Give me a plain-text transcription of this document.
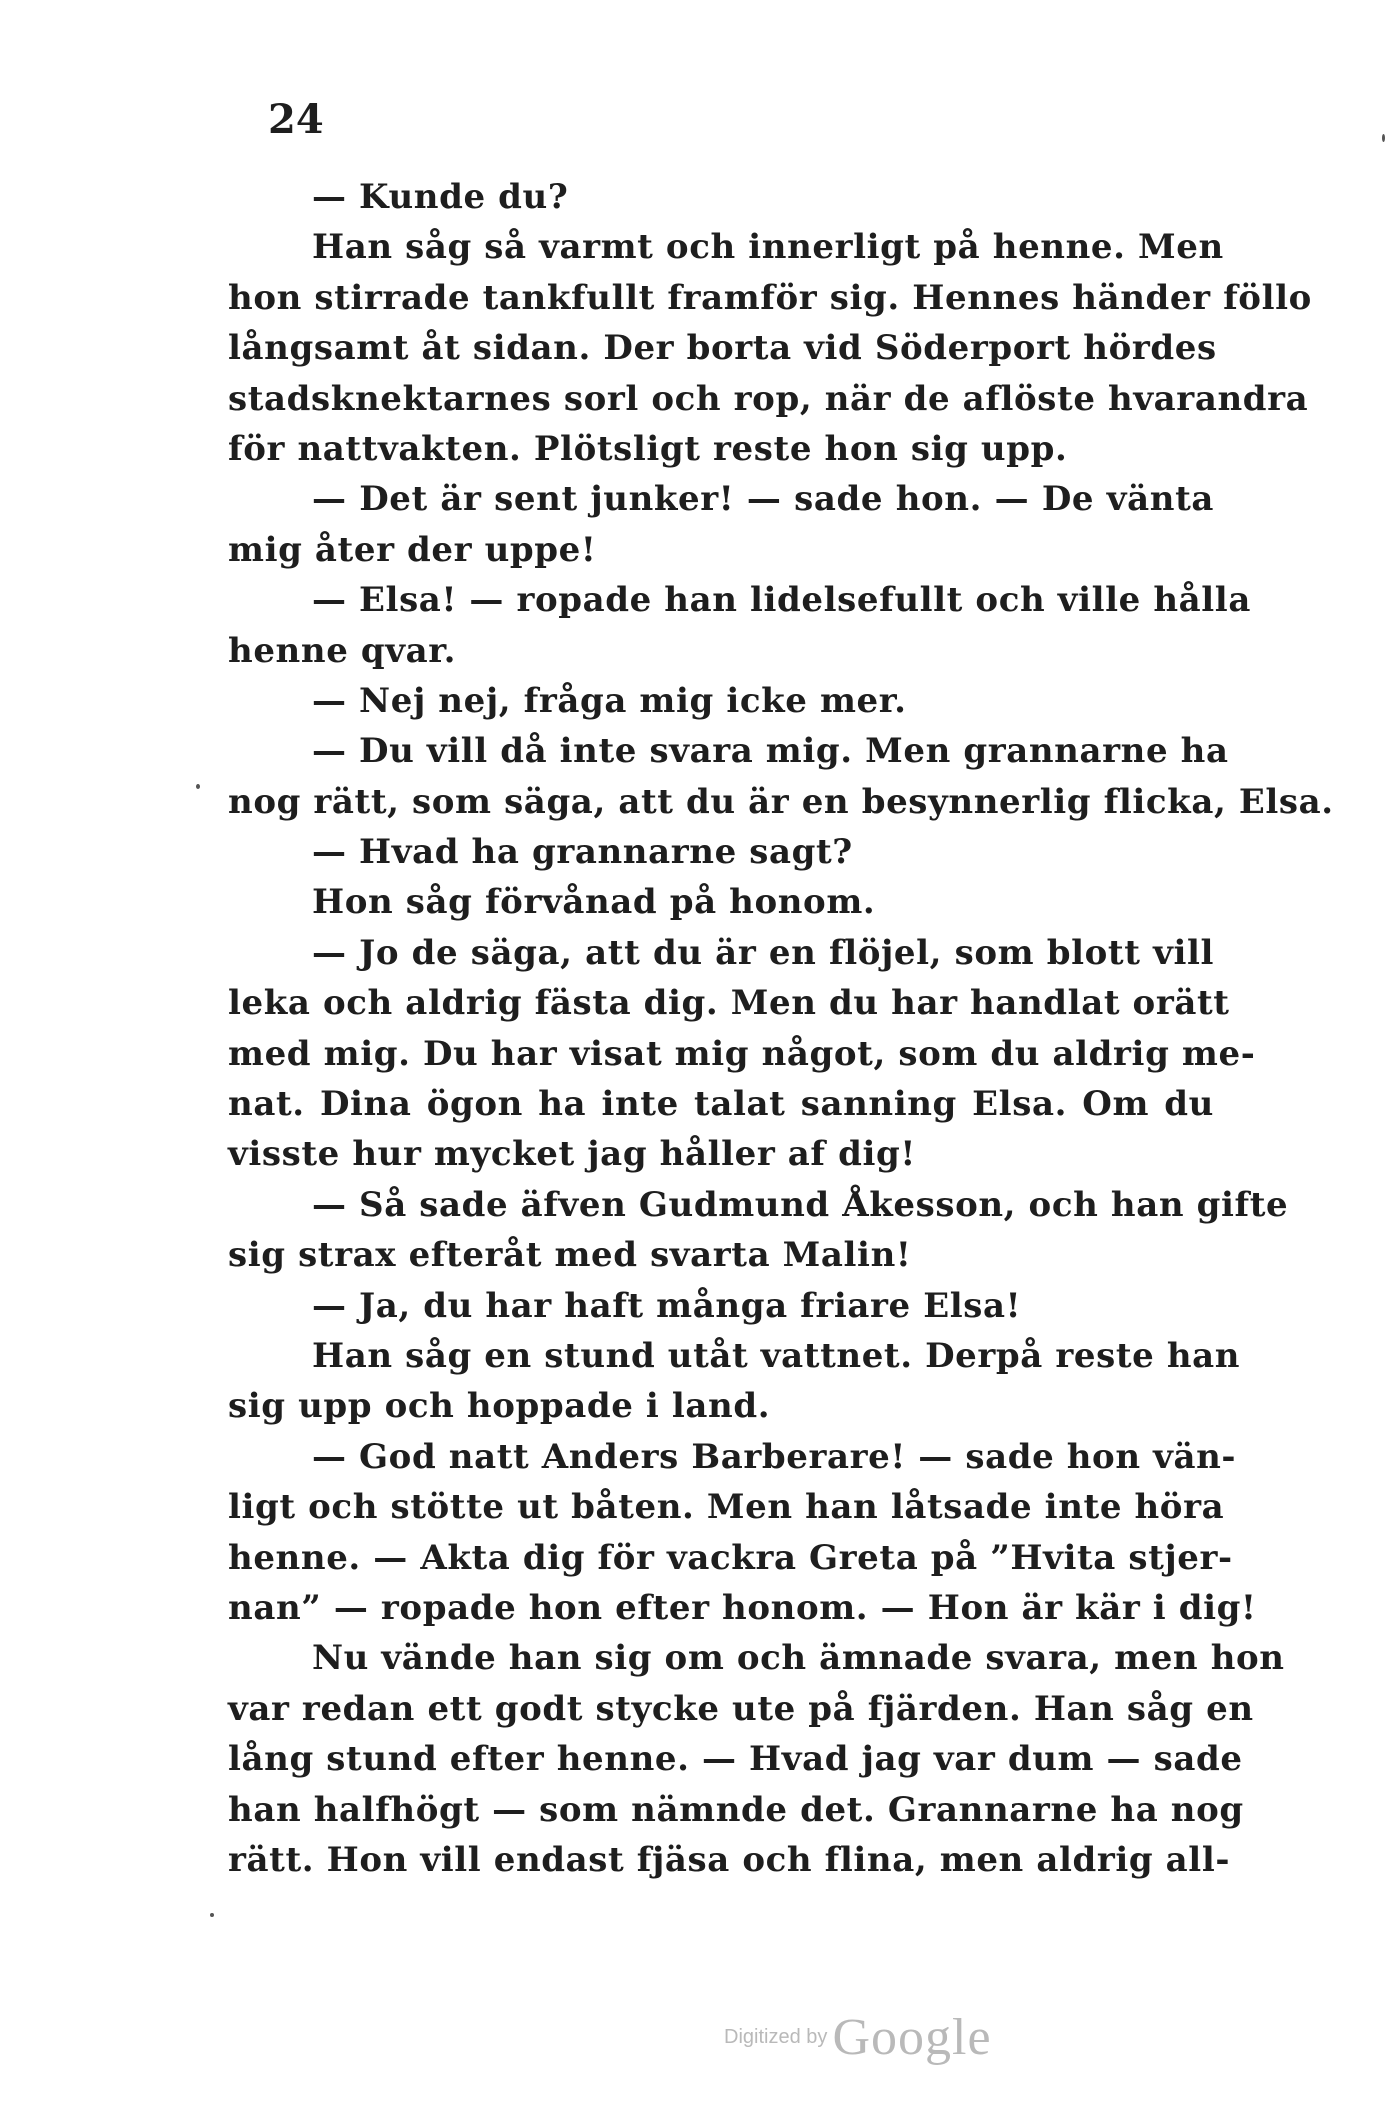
24
— Kunde du?
Han såg så varmt och innerligt på henne. Men
hon stirrade tankfullt framför sig. Hennes händer föllo
långsamt åt sidan. Der borta vid Söderport hördes
stadsknektarnes sorl och rop, när de aflöste hvarandra
för nattvakten. Plötsligt reste hon sig upp.
— Det är sent junker! — sade hon. — De vänta
mig åter der uppe!
— Elsa! — ropade han lidelsefullt och ville hålla
henne qvar.
— Nej nej, fråga mig icke mer.
— Du vill då inte svara mig. Men grannarne ha
nog rätt, som säga, att du är en besynnerlig flicka, Elsa.
— Hvad ha grannarne sagt?
Hon såg förvånad på honom.
— Jo de säga, att du är en flöjel, som blott vill
leka och aldrig fästa dig. Men du har handlat orätt
med mig. Du har visat mig något, som du aldrig me-
nat. Dina ögon ha inte talat sanning Elsa. Om du
visste hur mycket jag håller af dig!
— Så sade äfven Gudmund Åkesson, och han gifte
sig strax efteråt med svarta Malin!
— Ja, du har haft många friare Elsa!
Han såg en stund utåt vattnet. Derpå reste han
sig upp och hoppade i land.
— God natt Anders Barberare! — sade hon vän-
ligt och stötte ut båten. Men han låtsade inte höra
henne. — Akta dig för vackra Greta på ”Hvita stjer-
nan” — ropade hon efter honom. — Hon är kär i dig!
Nu vände han sig om och ämnade svara, men hon
var redan ett godt stycke ute på fjärden. Han såg en
lång stund efter henne. — Hvad jag var dum — sade
han halfhögt — som nämnde det. Grannarne ha nog
rätt. Hon vill endast fjäsa och flina, men aldrig all-
Digitized by Google
